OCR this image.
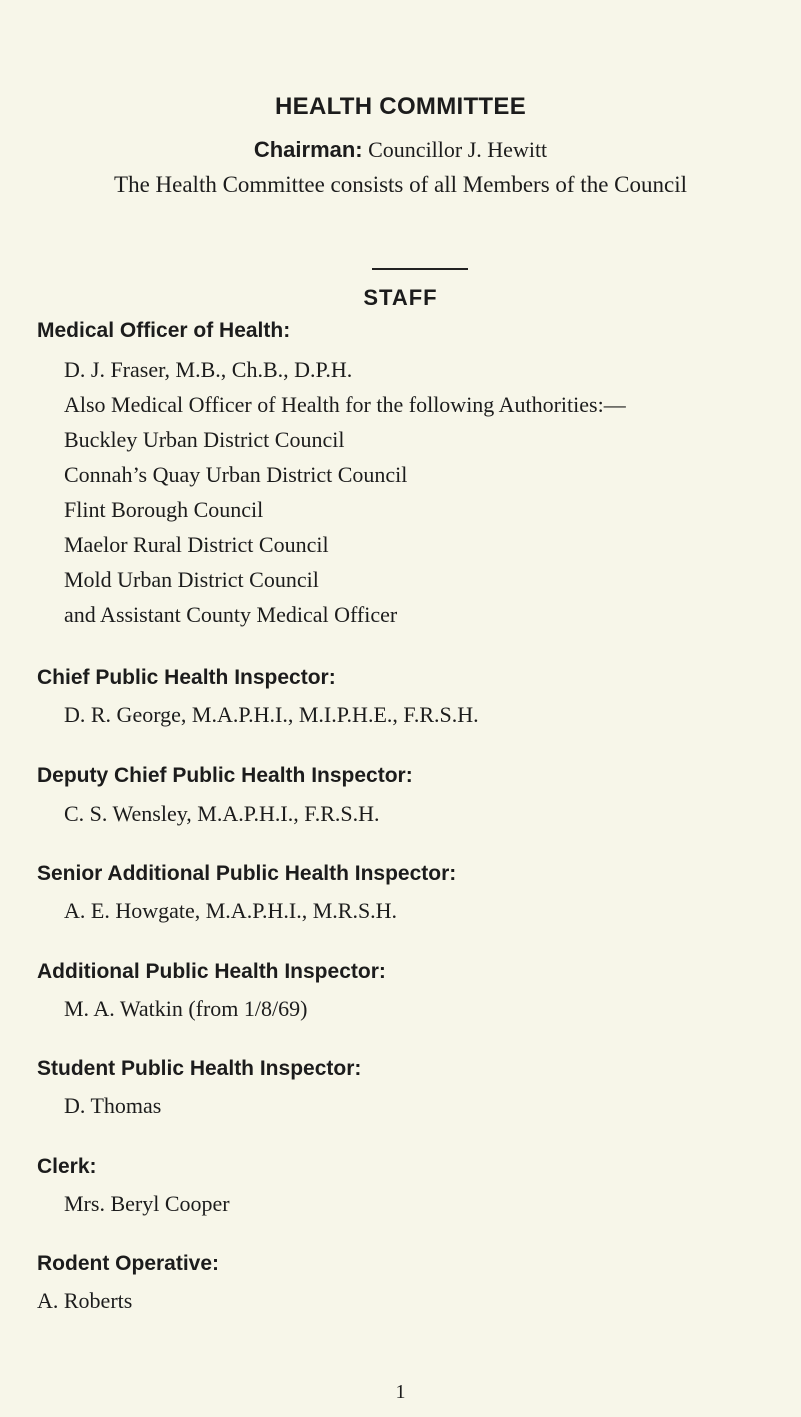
HEALTH COMMITTEE
Chairman: Councillor J. Hewitt
The Health Committee consists of all Members of the Council
STAFF
Medical Officer of Health:
D. J. Fraser, M.B., Ch.B., D.P.H.
Also Medical Officer of Health for the following Authorities:—
Buckley Urban District Council
Connah’s Quay Urban District Council
Flint Borough Council
Maelor Rural District Council
Mold Urban District Council
and Assistant County Medical Officer
Chief Public Health Inspector:
D. R. George, M.A.P.H.I., M.I.P.H.E., F.R.S.H.
Deputy Chief Public Health Inspector:
C. S. Wensley, M.A.P.H.I., F.R.S.H.
Senior Additional Public Health Inspector:
A. E. Howgate, M.A.P.H.I., M.R.S.H.
Additional Public Health Inspector:
M. A. Watkin (from 1/8/69)
Student Public Health Inspector:
D. Thomas
Clerk:
Mrs. Beryl Cooper
Rodent Operative:
A. Roberts
1
